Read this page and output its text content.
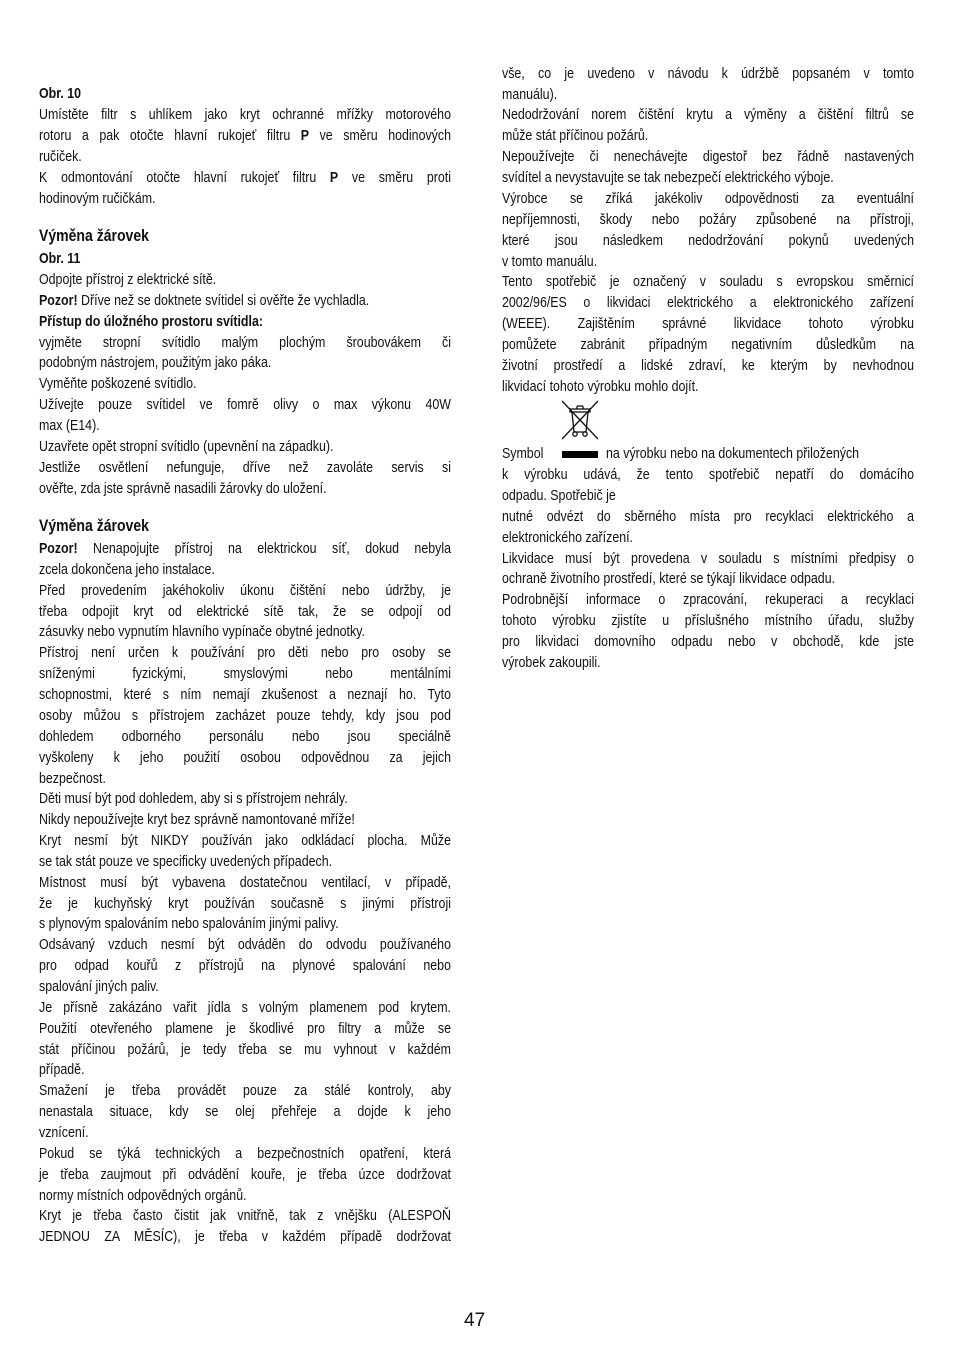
Obr. 10
Umístěte filtr s uhlíkem jako kryt ochranné mřížky motorového
rotoru a pak otočte hlavní rukojeť filtru P ve směru hodinových
ručiček.
K odmontování otočte hlavní rukojeť filtru P ve směru proti
hodinovým ručičkám.
Výměna žárovek
Obr. 11
Odpojte přístroj z elektrické sítě.
Pozor! Dříve než se doktnete svítidel si ověřte že vychladla.
Přístup do úložného prostoru svítidla:
vyjměte stropní svítidlo malým plochým šroubovákem či
podobným nástrojem, použitým jako páka.
Vyměňte poškozené svítidlo.
Užívejte pouze svítidel ve fomrě olivy o max výkonu 40W
max (E14).
Uzavřete opět stropní svítidlo (upevnění na západku).
Jestliže osvětlení nefunguje, dříve než zavoláte servis si
ověřte, zda jste správně nasadili žárovky do uložení.
Výměna žárovek
Pozor! Nenapojujte přístroj na elektrickou síť, dokud nebyla
zcela dokončena jeho instalace.
Před provedením jakéhokoliv úkonu čištění nebo údržby, je
třeba odpojit kryt od elektrické sítě tak, že se odpojí od
zásuvky nebo vypnutím hlavního vypínače obytné jednotky.
Přístroj není určen k používání pro děti nebo pro osoby se
sníženými fyzickými, smyslovými nebo mentálními
schopnostmi, které s ním nemají zkušenost a neznají ho. Tyto
osoby můžou s přístrojem zacházet pouze tehdy, kdy jsou pod
dohledem odborného personálu nebo jsou speciálně
vyškoleny k jeho použití osobou odpovědnou za jejich
bezpečnost.
Děti musí být pod dohledem, aby si s přístrojem nehrály.
Nikdy nepoužívejte kryt bez správně namontované mříže!
Kryt nesmí být NIKDY používán jako odkládací plocha. Může
se tak stát pouze ve specificky uvedených případech.
Místnost musí být vybavena dostatečnou ventilací, v případě,
že je kuchyňský kryt používán současně s jinými přístroji
s plynovým spalováním nebo spalováním jinými palivy.
Odsávaný vzduch nesmí být odváděn do odvodu používaného
pro odpad kouřů z přístrojů na plynové spalování nebo
spalování jiných paliv.
Je přísně zakázáno vařit jídla s volným plamenem pod krytem.
Použití otevřeného plamene je škodlivé pro filtry a může se
stát příčinou požárů, je tedy třeba se mu vyhnout v každém
případě.
Smažení je třeba provádět pouze za stálé kontroly, aby
nenastala situace, kdy se olej přehřeje a dojde k jeho
vznícení.
Pokud se týká technických a bezpečnostních opatření, která
je třeba zaujmout při odvádění kouře, je třeba úzce dodržovat
normy místních odpovědných orgánů.
Kryt je třeba často čistit jak vnitřně, tak z vnějšku (ALESPOŇ
JEDNOU ZA MĚSÍC), je třeba v každém případě dodržovat
vše, co je uvedeno v návodu k údržbě popsaném v tomto
manuálu).
Nedodržování norem čištění krytu a výměny a čištění filtrů se
může stát příčinou požárů.
Nepoužívejte či nenechávejte digestoř bez řádně nastavených
svídítel a nevystavujte se tak nebezpečí elektrického výboje.
Výrobce se zříká jakékoliv odpovědnosti za eventuální
nepříjemnosti, škody nebo požáry způsobené na přístroji,
které jsou následkem nedodržování pokynů uvedených
v tomto manuálu.
Tento spotřebič je označený v souladu s evropskou směrnicí
2002/96/ES o likvidaci elektrického a elektronického zařízení
(WEEE). Zajištěním správné likvidace tohoto výrobku
pomůžete zabránit případným negativním důsledkům na
životní prostředí a lidské zdraví, ke kterým by nevhodnou
likvidací tohoto výrobku mohlo dojít.
Symbol	na výrobku nebo na dokumentech přiložených
k výrobku udává, že tento spotřebič nepatří do domácího
odpadu. Spotřebič je
nutné odvézt do sběrného místa pro recyklaci elektrického a
elektronického zařízení.
Likvidace musí být provedena v souladu s místními předpisy o
ochraně životního prostředí, které se týkají likvidace odpadu.
Podrobnější informace o zpracování, rekuperaci a recyklaci
tohoto výrobku zjistíte u příslušného místního úřadu, služby
pro likvidaci domovního odpadu nebo v obchodě, kde jste
výrobek zakoupili.
47
